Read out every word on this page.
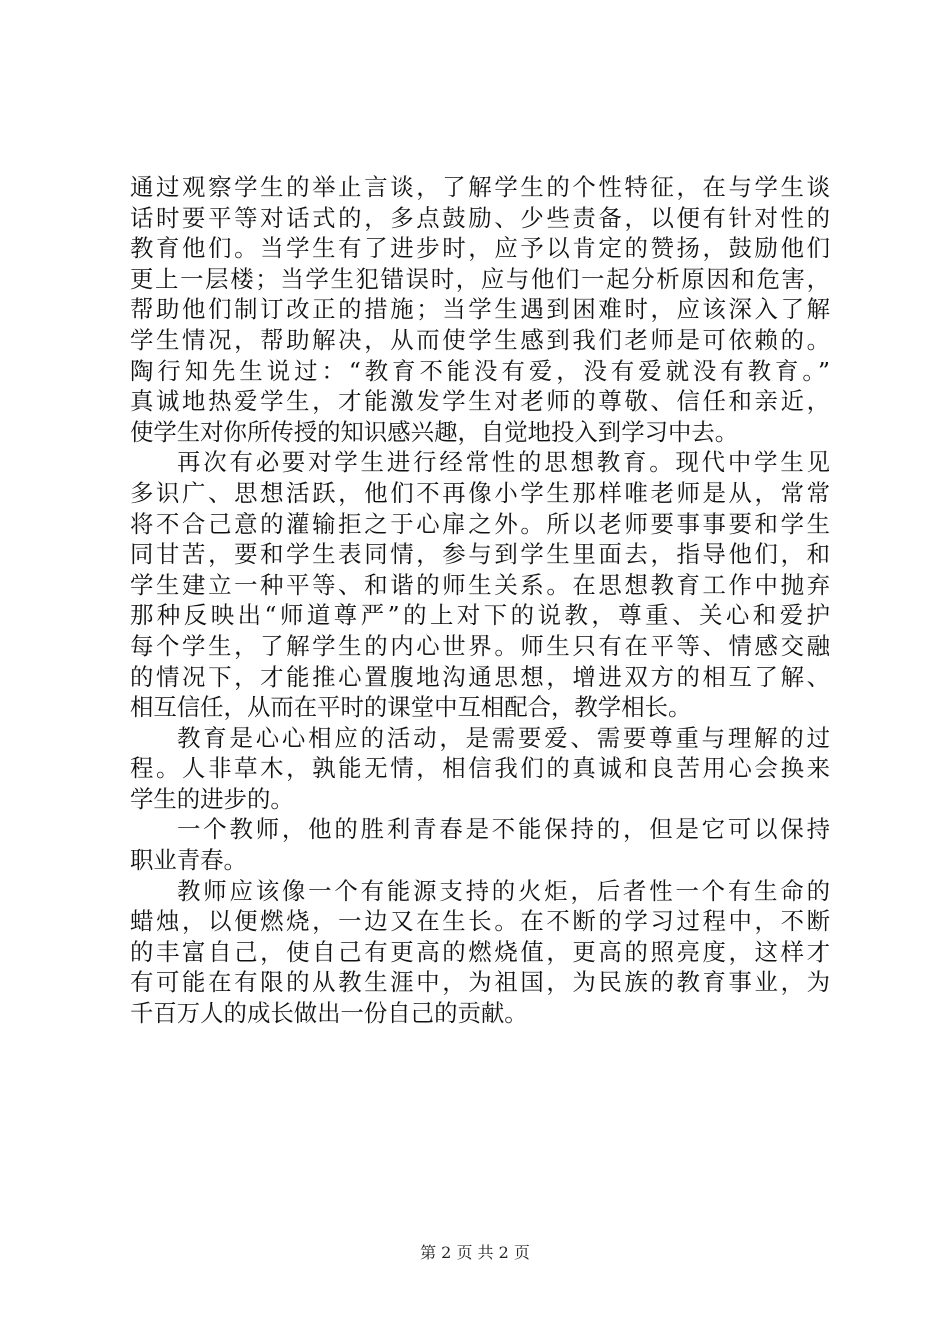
通过观察学生的举止言谈，了解学生的个性特征，在与学生谈
话时要平等对话式的，多点鼓励、少些责备，以便有针对性的
教育他们。当学生有了进步时，应予以肯定的赞扬，鼓励他们
更上一层楼；当学生犯错误时，应与他们一起分析原因和危害，
帮助他们制订改正的措施；当学生遇到困难时，应该深入了解
学生情况，帮助解决，从而使学生感到我们老师是可依赖的。
陶行知先生说过：“教育不能没有爱，没有爱就没有教育。”
真诚地热爱学生，才能激发学生对老师的尊敬、信任和亲近，
使学生对你所传授的知识感兴趣，自觉地投入到学习中去。
再次有必要对学生进行经常性的思想教育。现代中学生见
多识广、思想活跃，他们不再像小学生那样唯老师是从，常常
将不合己意的灌输拒之于心扉之外。所以老师要事事要和学生
同甘苦，要和学生表同情，参与到学生里面去，指导他们，和
学生建立一种平等、和谐的师生关系。在思想教育工作中抛弃
那种反映出“师道尊严”的上对下的说教，尊重、关心和爱护
每个学生，了解学生的内心世界。师生只有在平等、情感交融
的情况下，才能推心置腹地沟通思想，增进双方的相互了解、
相互信任，从而在平时的课堂中互相配合，教学相长。
教育是心心相应的活动，是需要爱、需要尊重与理解的过
程。人非草木，孰能无情，相信我们的真诚和良苦用心会换来
学生的进步的。
一个教师，他的胜利青春是不能保持的，但是它可以保持
职业青春。
教师应该像一个有能源支持的火炬，后者性一个有生命的
蜡烛，以便燃烧，一边又在生长。在不断的学习过程中，不断
的丰富自己，使自己有更高的燃烧值，更高的照亮度，这样才
有可能在有限的从教生涯中，为祖国，为民族的教育事业，为
千百万人的成长做出一份自己的贡献。
第 2 页 共 2 页
